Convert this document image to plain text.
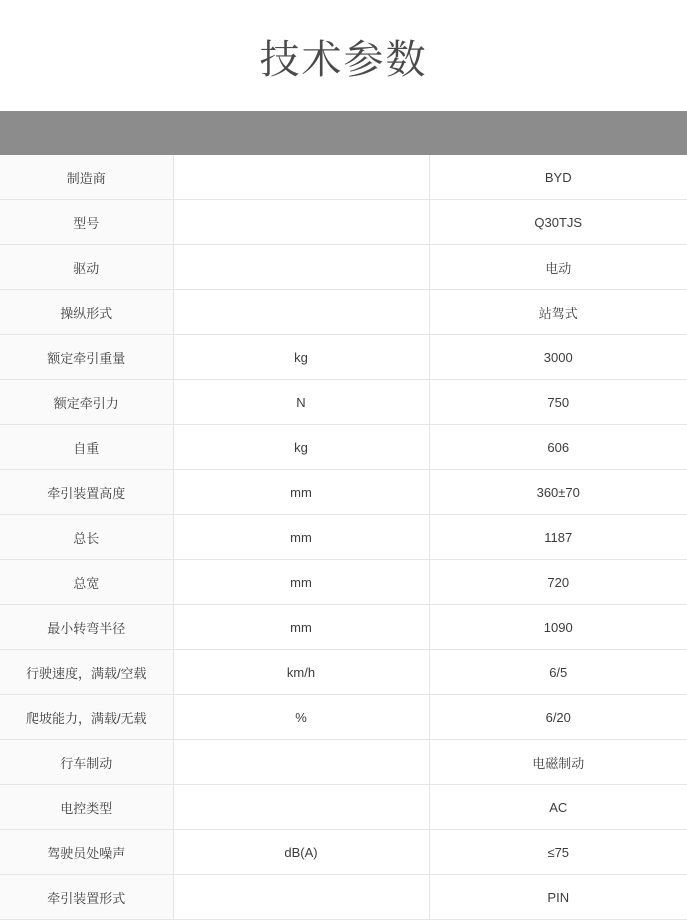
技术参数

制造商		BYD
型号		Q30TJS
驱动		电动
操纵形式		站驾式
额定牵引重量	kg	3000
额定牵引力	N	750
自重	kg	606
牵引装置高度	mm	360±70
总长	mm	1187
总宽	mm	720
最小转弯半径	mm	1090
行驶速度，满载/空载	km/h	6/5
爬坡能力，满载/无载	%	6/20
行车制动		电磁制动
电控类型		AC
驾驶员处噪声	dB(A)	≤75
牵引装置形式		PIN
